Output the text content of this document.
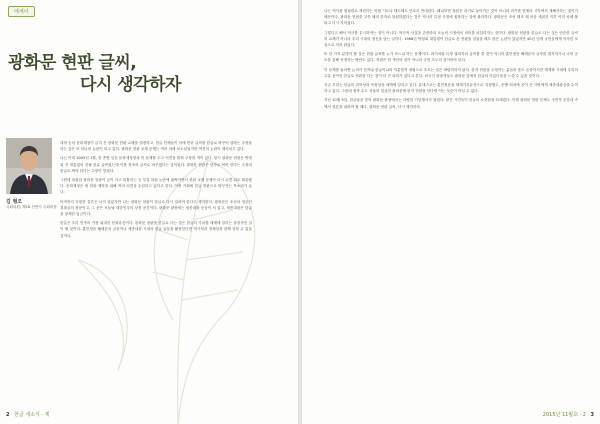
에세이
광화문 현판 글씨,
다시 생각하자
김 형오
국회의원, 제18 전반기 국회의장

대학 등의 문화재청이 급히 간 광화문 현판 교체를 결정하고, 한글 단체들이 이에 반한 글씨를 한글로 바꾸어 달라는 주장을 하는 것은 또 하나의 논란이 되고 있다. 광화문 현판 교체 문제는 여러 차례 보도되었지만 여전히 논란이 계속되고 있다.

나는 이미 2005년 1월, 한 종합 일간 문화재청장과 이 문제를 두고 이견을 밝혀 주장한 적이 있다. 당시 광화문 현판은 박정희 전 대통령의 친필 한글 글씨였는데 이를 정조의 글씨로 바꾸겠다는 것이었다. 광화문 현판은 한자로 써야 한다는 주장과 한글로 써야 한다는 주장이 맞섰다.

그런데 복원된 광화문 현판이 금이 가고 뒤틀리는 등 부실 복원 논란에 휩싸이면서 현판 교체 문제가 다시 수면 위로 떠올랐다. 문화재청은 새 현판 제작을 위해 여러 의견을 수렴하고 있다고 한다. 이번 기회에 한글 현판으로 바꾸자는 목소리가 높다.

아직까지 뚜렷한 결론은 나지 않았지만 나는 광화문 현판이 한글로 다시 걸려야 한다고 생각한다. 광화문은 조선의 정궁인 경복궁의 정문이고, 그 문은 오늘날 대한민국의 상징 공간이다. 광화문 광장에는 세종대왕 동상이 서 있고, 세종대왕은 한글을 창제한 임금이다.

한글은 우리 민족의 가장 위대한 문화유산이다. 광화문 현판을 한글로 다는 것은 한글의 가치를 세계에 알리는 상징적인 일이 될 것이다. 훈민정음 해례본의 글꼴이나 세종대왕 시대의 한글 글꼴을 활용한다면 역사성과 정체성을 함께 살릴 수 있을 것이다.

2 한글 새소식 · 제

나는 역사를 원형대로 재현하는 어떤 시도나 태도에도 단호히 반대한다. 왜냐하면 복원은 과거로 돌아가는 것이 아니라 과거를 현재의 시각에서 재해석하는 것이기 때문이다. 광화문 현판을 고종 때의 한자로 복원하겠다는 것은 역사의 특정 시점에 집착하는 것에 불과하다. 광화문은 조선 태조 때 처음 세워진 이후 여러 차례 불타고 다시 지어졌다.

그렇다고 해서 역사를 무시하자는 것이 아니다. 역사적 사실을 존중하되 오늘의 시점에서 의미를 되살리자는 것이다. 광화문 현판을 한글로 다는 것은 단순한 글씨의 교체가 아니라 우리 시대의 정신을 담는 일이다. 1968년 박정희 대통령이 한글로 쓴 현판을 걸었을 때도 많은 논란이 있었지만 40년 넘게 국민들에게 익숙한 모습으로 자리 잡았다.

또 한 가지 분명히 할 것은 현판 글씨를 누가 쓰느냐 하는 문제이다. 과거처럼 특정 권력자의 글씨를 쓸 것이 아니라 훈민정음 해례본의 글자를 집자하거나 국민 공모를 통해 선정하는 방안도 있다. 현판은 한 개인의 것이 아니라 국민 모두의 것이어야 한다.

이 문제를 둘러싼 논의가 한자냐 한글이냐의 이분법적 대립으로 흐르는 것은 바람직하지 않다. 한자 현판을 주장하는 분들의 뜻도 존중하지만 세계화 시대에 우리의 고유 문자인 한글로 현판을 다는 것이 더 큰 의미가 있다고 본다. 외국인 관광객들도 광화문 앞에서 한글의 아름다움을 느낄 수 있을 것이다.

지금 우리는 한글의 과학성과 독창성을 세계에 알리고 있다. 유네스코는 훈민정음을 세계기록유산으로 지정했고, 문맹 퇴치에 공이 큰 사람에게 세종대왕상을 수여하고 있다. 그런데 정작 수도 서울의 얼굴인 광화문에 한자 현판을 단다면 이는 모순이 아닐 수 없다.

지난 10월 9일, 한글날을 맞아 광화문 광장에서는 다양한 기념행사가 열렸다. 많은 시민들이 한글의 소중함을 되새겼다. 이제 광화문 현판 문제도 국민적 공감대 속에서 결론을 내려야 할 때다. 광화문 현판 글씨, 다시 생각하자.

2015년 11월호 · 2 3
